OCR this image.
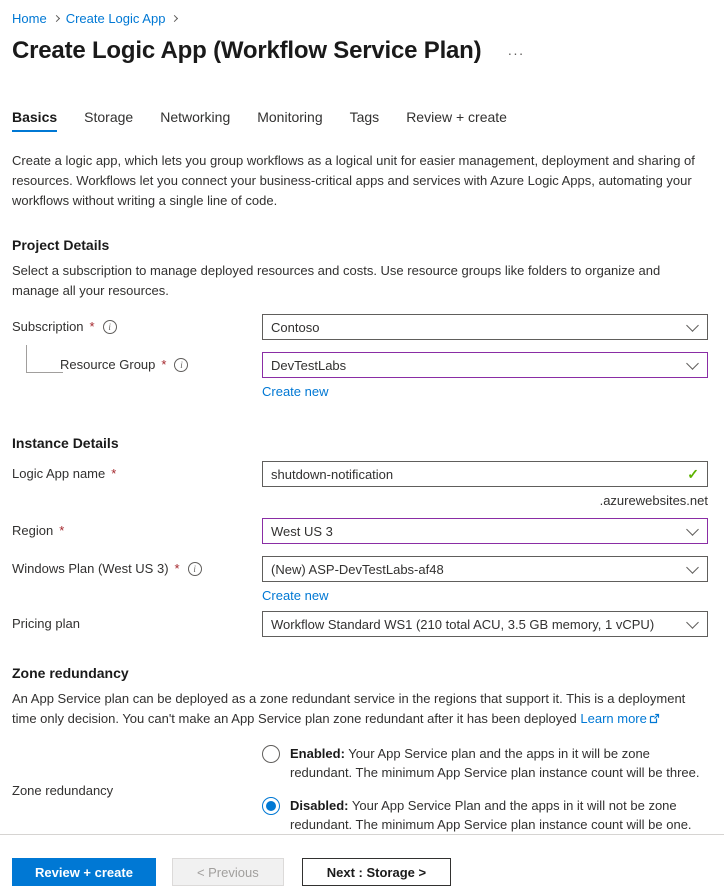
Home Create Logic App
Create Logic App (Workflow Service Plan) ···
Basics Storage Networking Monitoring Tags Review + create

Create a logic app, which lets you group workflows as a logical unit for easier management, deployment and sharing of resources. Workflows let you connect your business-critical apps and services with Azure Logic Apps, automating your workflows without writing a single line of code.

Project Details

Select a subscription to manage deployed resources and costs. Use resource groups like folders to organize and manage all your resources.

Subscription * i	Contoso
Resource Group * i	DevTestLabs
Create new
Instance Details
Logic App name *
shutdown-notification
✓
.azurewebsites.net
Region *	West US 3
Windows Plan (West US 3) * i	(New) ASP-DevTestLabs-af48
Create new
Pricing plan	Workflow Standard WS1 (210 total ACU, 3.5 GB memory, 1 vCPU)
Zone redundancy

An App Service plan can be deployed as a zone redundant service in the regions that support it. This is a deployment time only decision. You can't make an App Service plan zone redundant after it has been deployed Learn more

Zone redundancy
Enabled: Your App Service plan and the apps in it will be zone redundant. The minimum App Service plan instance count will be three.
Disabled: Your App Service Plan and the apps in it will not be zone redundant. The minimum App Service plan instance count will be one.
Review + create	< Previous	Next : Storage >
